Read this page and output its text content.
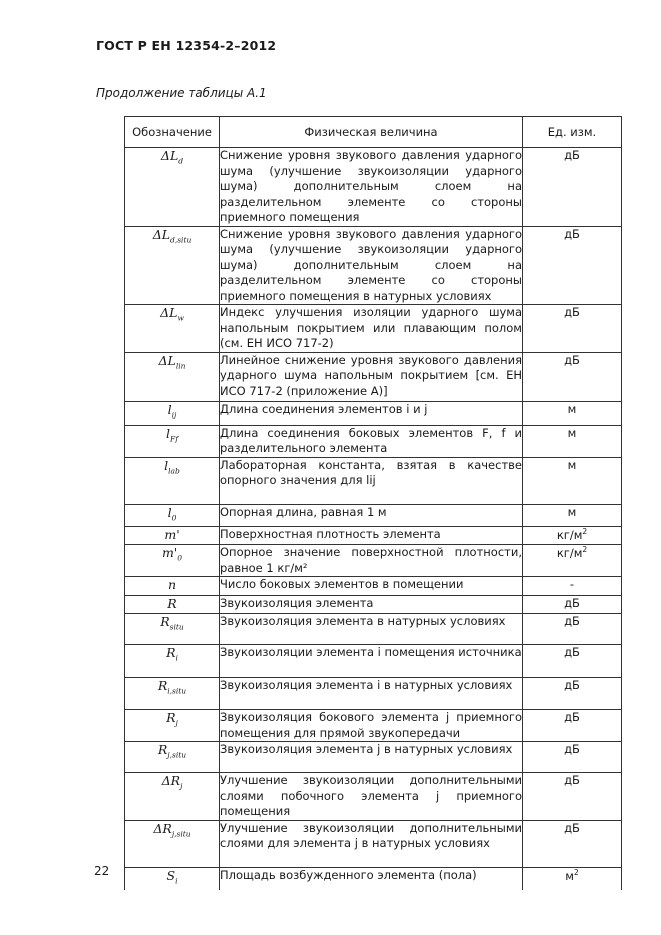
ГОСТ Р ЕН 12354-2–2012
Продолжение таблицы А.1
Обозначение	Физическая величина	Ед. изм.
$\Delta L_d$	Снижение уровня звукового давления ударного шума (улучшение звукоизоляции ударного шума) дополнительным слоем на разделительном элементе со стороны приемного помещения	дБ
$\Delta L_{d,situ}$	Снижение уровня звукового давления ударного шума (улучшение звукоизоляции ударного шума) дополнительным слоем на разделительном элементе со стороны приемного помещения в натурных условиях	дБ
$\Delta L_w$	Индекс улучшения изоляции ударного шума напольным покрытием или плавающим полом (см. ЕН ИСО 717-2)	дБ
$\Delta L_{lin}$	Линейное снижение уровня звукового давления ударного шума напольным покрытием [см. ЕН ИСО 717-2 (приложение А)]	дБ
$l_{ij}$	Длина соединения элементов i и j	м
$l_{Ff}$	Длина соединения боковых элементов F, f и разделительного элемента	м
$l_{lab}$	Лабораторная константа, взятая в качестве опорного значения для lij	м
$l_0$	Опорная длина, равная 1 м	м
m'	Поверхностная плотность элемента	$кг/м^2$
$m'_0$	Опорное значение поверхностной плотности, равное 1 кг/м²	$кг/м^2$
n	Число боковых элементов в помещении	-
R	Звукоизоляция элемента	дБ
$R_{situ}$	Звукоизоляция элемента в натурных условиях	дБ
$R_i$	Звукоизоляции элемента i помещения источника	дБ
$R_{i,situ}$	Звукоизоляция элемента i в натурных условиях	дБ
$R_j$	Звукоизоляция бокового элемента j приемного помещения для прямой звукопередачи	дБ
$R_{j,situ}$	Звукоизоляция элемента j в натурных условиях	дБ
$\Delta R_j$	Улучшение звукоизоляции дополнительными слоями побочного элемента j приемного помещения	дБ
$\Delta R_{j,situ}$	Улучшение звукоизоляции дополнительными слоями для элемента j в натурных условиях	дБ
$S_i$	Площадь возбужденного элемента (пола)	$м^2$
22
